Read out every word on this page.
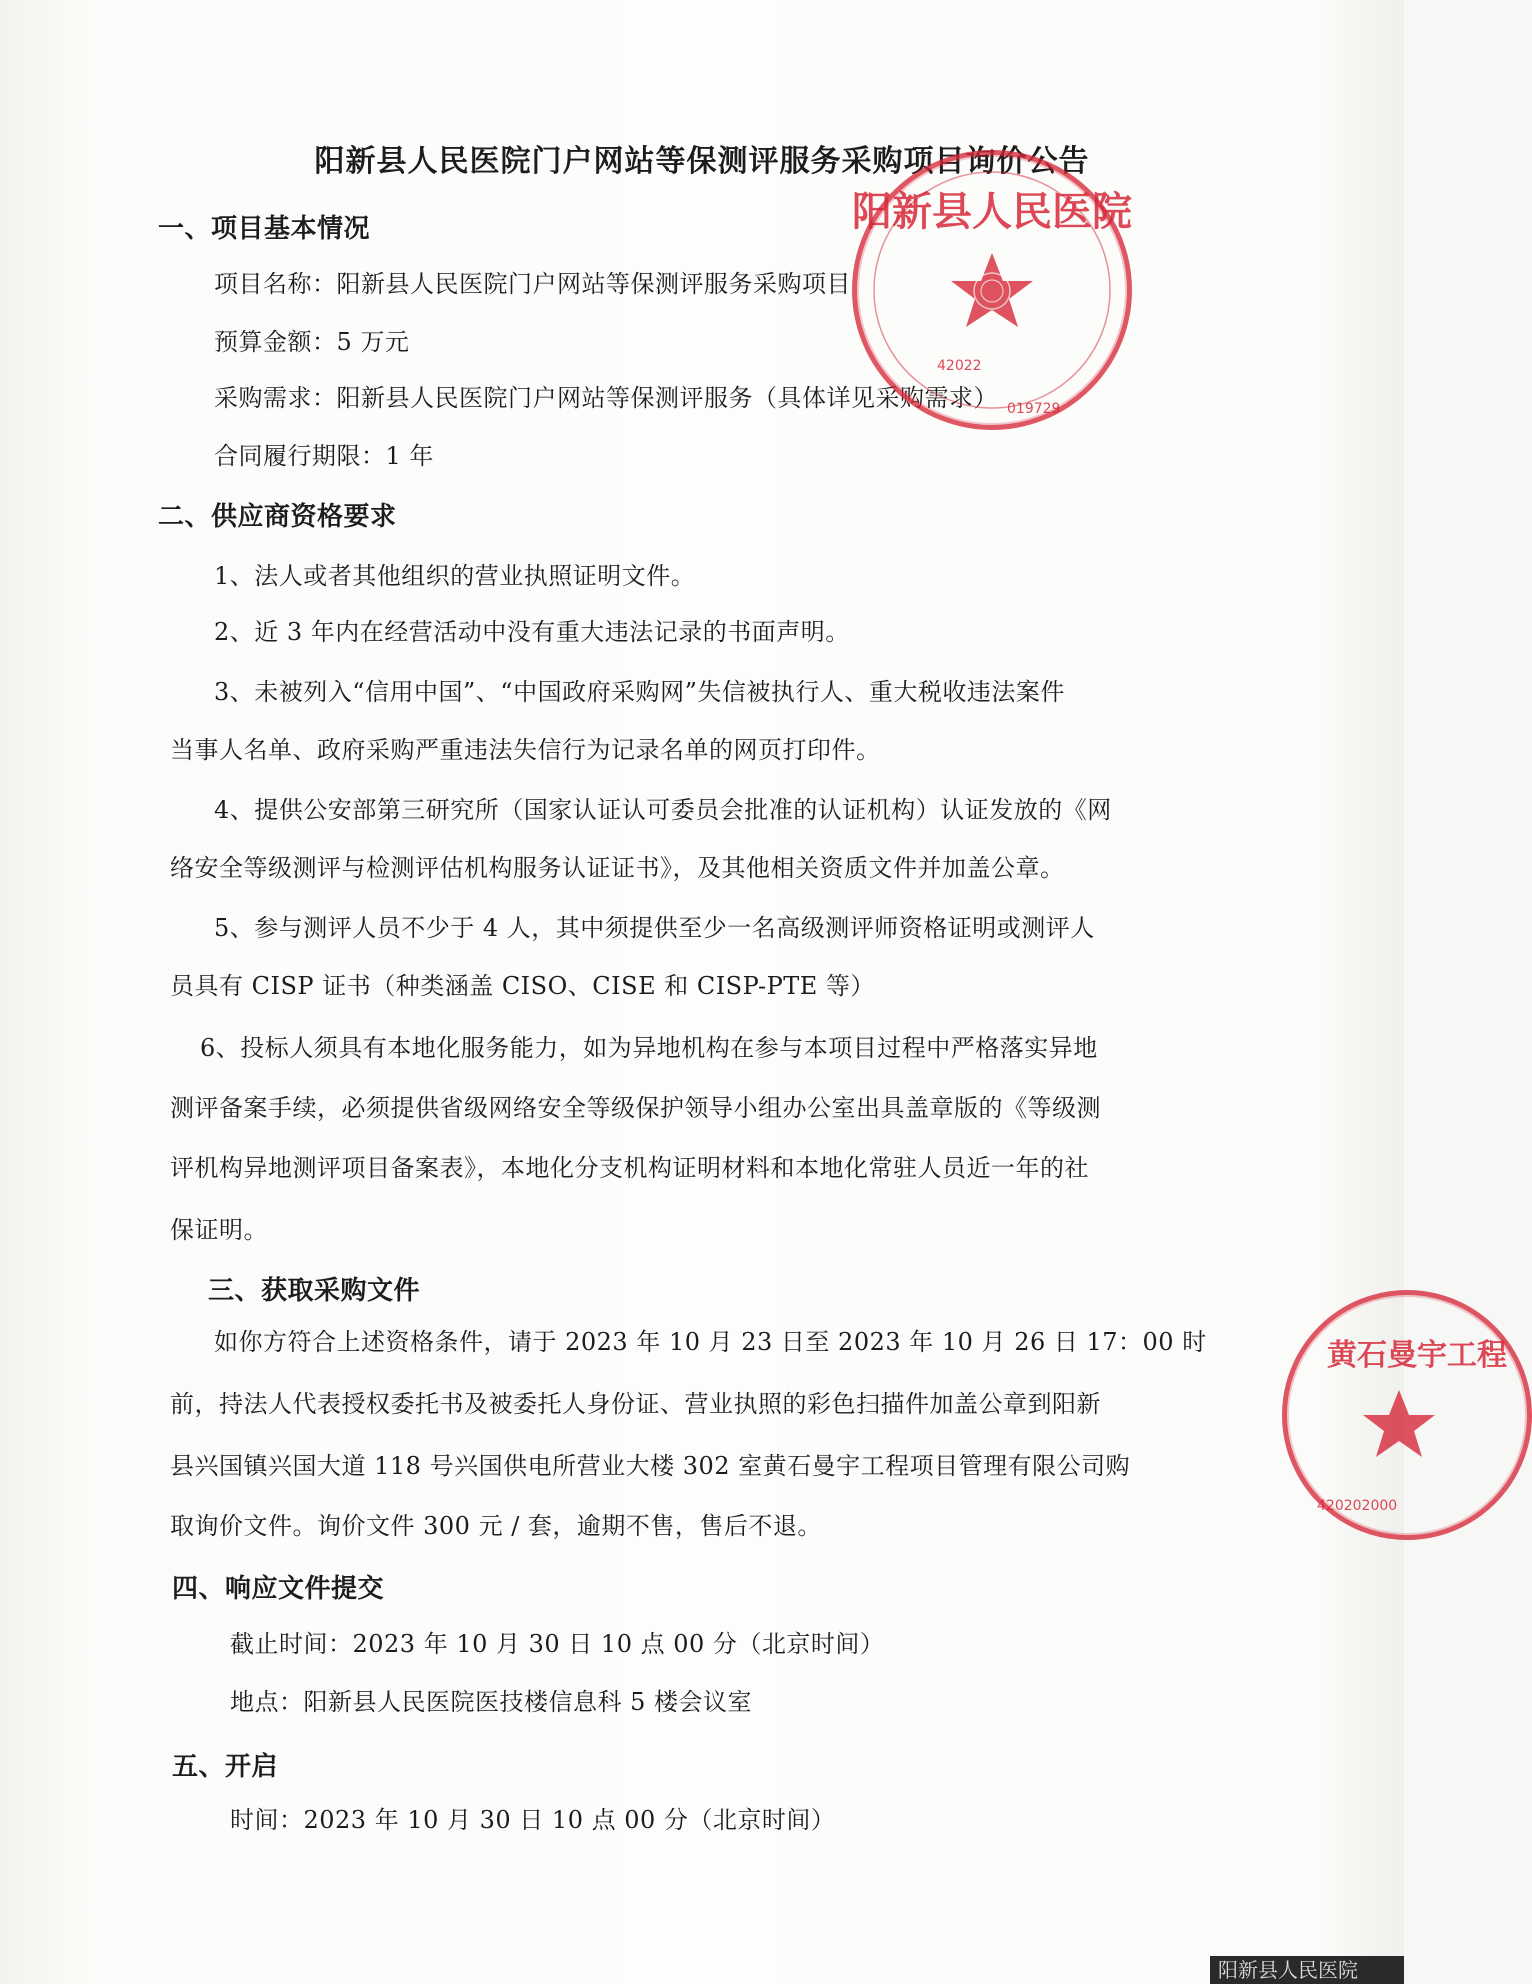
阳新县人民医院门户网站等保测评服务采购项目询价公告
一、项目基本情况
项目名称：阳新县人民医院门户网站等保测评服务采购项目
预算金额：5 万元
采购需求：阳新县人民医院门户网站等保测评服务（具体详见采购需求）
合同履行期限：1 年
二、供应商资格要求
1、法人或者其他组织的营业执照证明文件。
2、近 3 年内在经营活动中没有重大违法记录的书面声明。
3、未被列入“信用中国”、“中国政府采购网”失信被执行人、重大税收违法案件
当事人名单、政府采购严重违法失信行为记录名单的网页打印件。
4、提供公安部第三研究所（国家认证认可委员会批准的认证机构）认证发放的《网
络安全等级测评与检测评估机构服务认证证书》，及其他相关资质文件并加盖公章。
5、参与测评人员不少于 4 人，其中须提供至少一名高级测评师资格证明或测评人
员具有 CISP 证书（种类涵盖 CISO、CISE 和 CISP-PTE 等）
6、投标人须具有本地化服务能力，如为异地机构在参与本项目过程中严格落实异地
测评备案手续，必须提供省级网络安全等级保护领导小组办公室出具盖章版的《等级测
评机构异地测评项目备案表》，本地化分支机构证明材料和本地化常驻人员近一年的社
保证明。
三、获取采购文件
如你方符合上述资格条件，请于 2023 年 10 月 23 日至 2023 年 10 月 26 日 17：00 时
前，持法人代表授权委托书及被委托人身份证、营业执照的彩色扫描件加盖公章到阳新
县兴国镇兴国大道 118 号兴国供电所营业大楼 302 室黄石曼宇工程项目管理有限公司购
取询价文件。询价文件 300 元 / 套，逾期不售，售后不退。
四、响应文件提交
截止时间：2023 年 10 月 30 日 10 点 00 分（北京时间）
地点：阳新县人民医院医技楼信息科 5 楼会议室
五、开启
时间：2023 年 10 月 30 日 10 点 00 分（北京时间）
阳新县人民医院
42022
019729
黄石曼宇工程
420202000
阳新县人民医院
